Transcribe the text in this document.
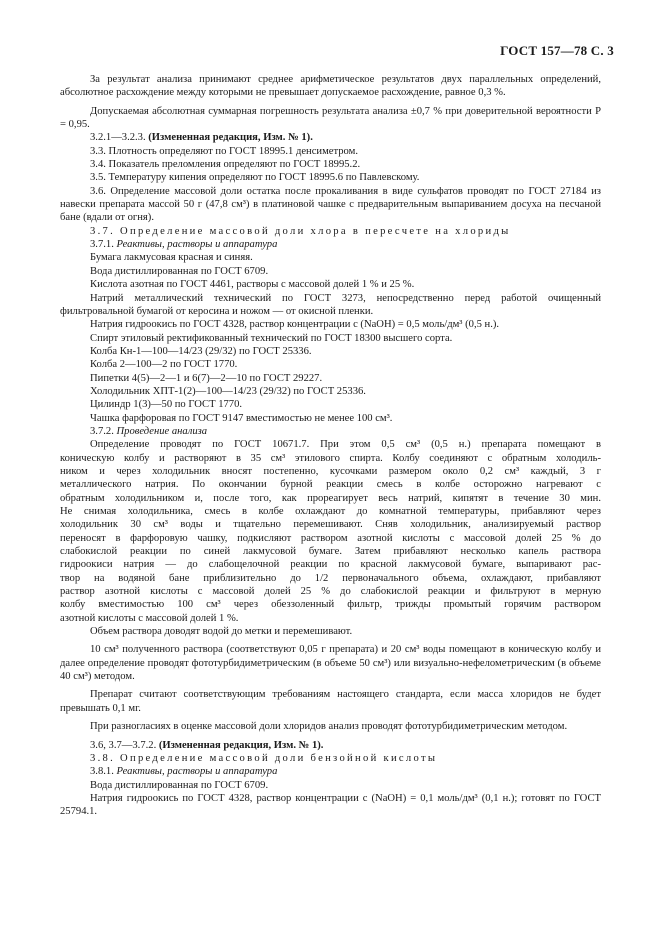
ГОСТ 157—78 С. 3

За результат анализа принимают среднее арифметическое результатов двух параллельных определений, абсолютное расхождение между которыми не превышает допускаемое расхождение, равное 0,3 %.

Допускаемая абсолютная суммарная погрешность результата анализа ±0,7 % при доверительной вероятности P = 0,95.

3.2.1—3.2.3. (Измененная редакция, Изм. № 1).

3.3. Плотность определяют по ГОСТ 18995.1 денсиметром.

3.4. Показатель преломления определяют по ГОСТ 18995.2.

3.5. Температуру кипения определяют по ГОСТ 18995.6 по Павлевскому.

3.6. Определение массовой доли остатка после прокаливания в виде сульфатов проводят по ГОСТ 27184 из навески препарата массой 50 г (47,8 см³) в платиновой чашке с предварительным выпариванием досуха на песчаной бане (вдали от огня).

3.7. Определение массовой доли хлора в пересчете на хлориды

3.7.1. Реактивы, растворы и аппаратура

Бумага лакмусовая красная и синяя.

Вода дистиллированная по ГОСТ 6709.

Кислота азотная по ГОСТ 4461, растворы с массовой долей 1 % и 25 %.

Натрий металлический технический по ГОСТ 3273, непосредственно перед работой очищенный фильтровальной бумагой от керосина и ножом — от окисной пленки.

Натрия гидроокись по ГОСТ 4328, раствор концентрации c (NaOH) = 0,5 моль/дм³ (0,5 н.).

Спирт этиловый ректификованный технический по ГОСТ 18300 высшего сорта.

Колба Кн-1—100—14/23 (29/32) по ГОСТ 25336.

Колба 2—100—2 по ГОСТ 1770.

Пипетки 4(5)—2—1 и 6(7)—2—10 по ГОСТ 29227.

Холодильник ХПТ-1(2)—100—14/23 (29/32) по ГОСТ 25336.

Цилиндр 1(3)—50 по ГОСТ 1770.

Чашка фарфоровая по ГОСТ 9147 вместимостью не менее 100 см³.

3.7.2. Проведение анализа

Определение проводят по ГОСТ 10671.7. При этом 0,5 см³ (0,5 н.) препарата помещают в
коническую колбу и растворяют в 35 см³ этилового спирта. Колбу соединяют с обратным холодиль-
ником и через холодильник вносят постепенно, кусочками размером около 0,2 см³ каждый, 3 г
металлического натрия. По окончании бурной реакции смесь в колбе осторожно нагревают с
обратным холодильником и, после того, как прореагирует весь натрий, кипятят в течение 30 мин.
Не снимая холодильника, смесь в колбе охлаждают до комнатной температуры, прибавляют через
холодильник 30 см³ воды и тщательно перемешивают. Сняв холодильник, анализируемый раствор
переносят в фарфоровую чашку, подкисляют раствором азотной кислоты с массовой долей 25 % до
слабокислой реакции по синей лакмусовой бумаге. Затем прибавляют несколько капель раствора
гидроокиси натрия — до слабощелочной реакции по красной лакмусовой бумаге, выпаривают рас-
твор на водяной бане приблизительно до 1/2 первоначального объема, охлаждают, прибавляют
раствор азотной кислоты с массовой долей 25 % до слабокислой реакции и фильтруют в мерную
колбу вместимостью 100 см³ через обеззоленный фильтр, трижды промытый горячим раствором
азотной кислоты с массовой долей 1 %.

Объем раствора доводят водой до метки и перемешивают.

10 см³ полученного раствора (соответствуют 0,05 г препарата) и 20 см³ воды помещают в коническую колбу и далее определение проводят фототурбидиметрическим (в объеме 50 см³) или визуально-нефелометрическим (в объеме 40 см³) методом.

Препарат считают соответствующим требованиям настоящего стандарта, если масса хлоридов не будет превышать 0,1 мг.

При разногласиях в оценке массовой доли хлоридов анализ проводят фототурбидиметрическим методом.

3.6, 3.7—3.7.2. (Измененная редакция, Изм. № 1).

3.8. Определение массовой доли бензойной кислоты

3.8.1. Реактивы, растворы и аппаратура

Вода дистиллированная по ГОСТ 6709.

Натрия гидроокись по ГОСТ 4328, раствор концентрации c (NaOH) = 0,1 моль/дм³ (0,1 н.); готовят по ГОСТ 25794.1.
